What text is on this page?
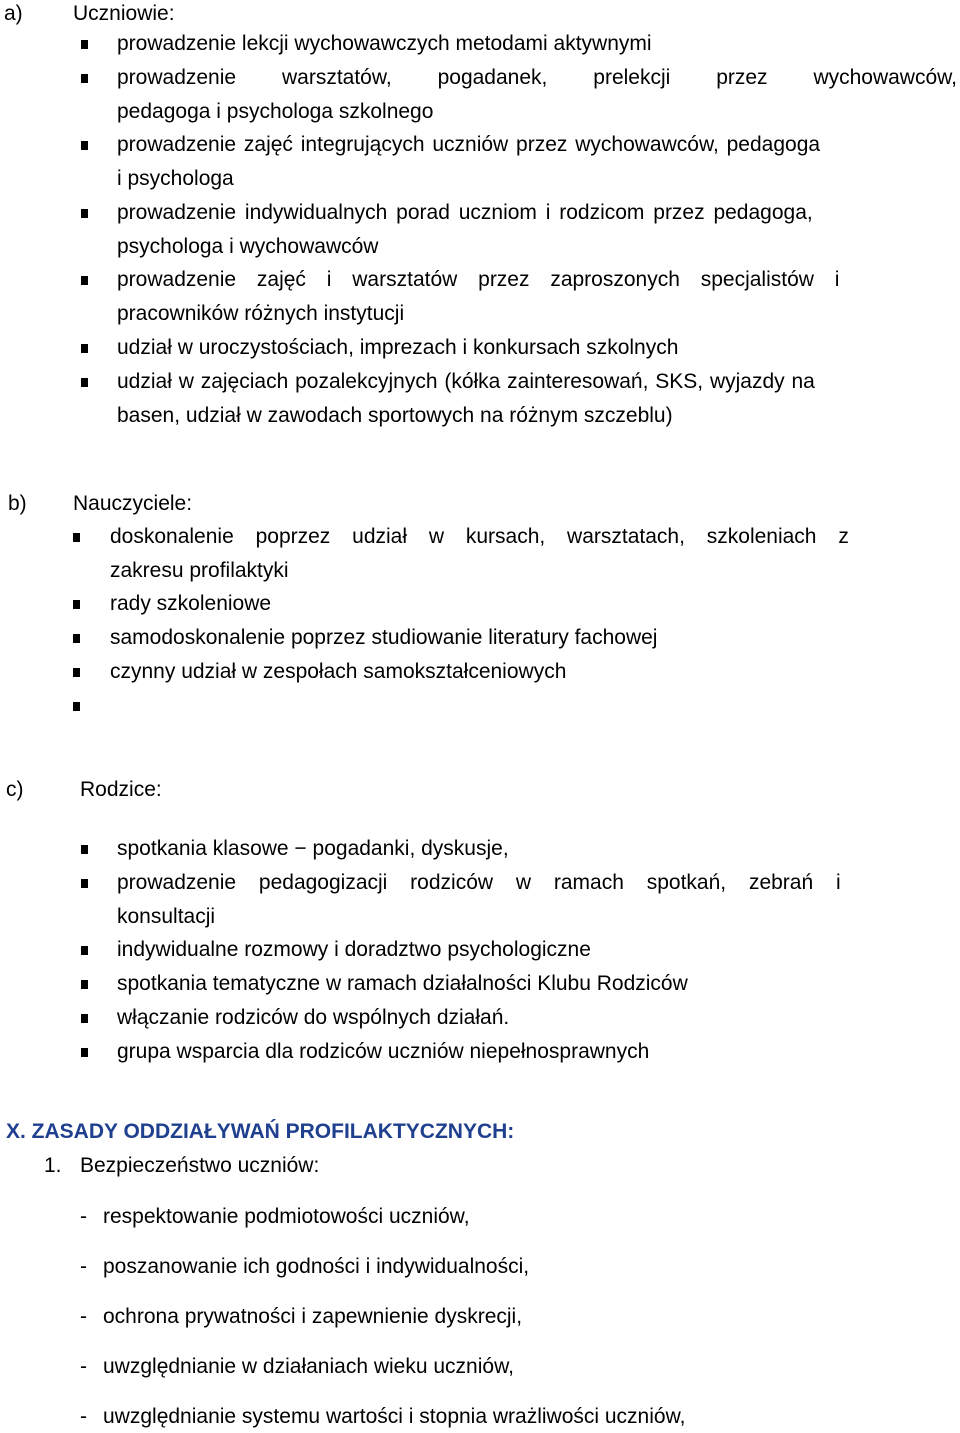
a) Uczniowie:
prowadzenie lekcji wychowawczych metodami aktywnymi
prowadzenie warsztatów, pogadanek, prelekcji przez wychowawców,
pedagoga i psychologa szkolnego
prowadzenie zajęć integrujących uczniów przez wychowawców, pedagoga
i psychologa
prowadzenie indywidualnych porad uczniom i rodzicom przez pedagoga,
psychologa i wychowawców
prowadzenie zajęć i warsztatów przez zaproszonych specjalistów i
pracowników różnych instytucji
udział w uroczystościach, imprezach i konkursach szkolnych
udział w zajęciach pozalekcyjnych (kółka zainteresowań, SKS, wyjazdy na
basen, udział w zawodach sportowych na różnym szczeblu)
b) Nauczyciele:
doskonalenie poprzez udział w kursach, warsztatach, szkoleniach z
zakresu profilaktyki
rady szkoleniowe
samodoskonalenie poprzez studiowanie literatury fachowej
czynny udział w zespołach samokształceniowych
c)	Rodzice:
spotkania klasowe − pogadanki, dyskusje,
prowadzenie pedagogizacji rodziców w ramach spotkań, zebrań i
konsultacji
indywidualne rozmowy i doradztwo psychologiczne
spotkania tematyczne w ramach działalności Klubu Rodziców
włączanie rodziców do wspólnych działań.
grupa wsparcia dla rodziców uczniów niepełnosprawnych
X. ZASADY ODDZIAŁYWAŃ PROFILAKTYCZNYCH:
1. Bezpieczeństwo uczniów:
- respektowanie podmiotowości uczniów,
- poszanowanie ich godności i indywidualności,
- ochrona prywatności i zapewnienie dyskrecji,
- uwzględnianie w działaniach wieku uczniów,
- uwzględnianie systemu wartości i stopnia wrażliwości uczniów,
